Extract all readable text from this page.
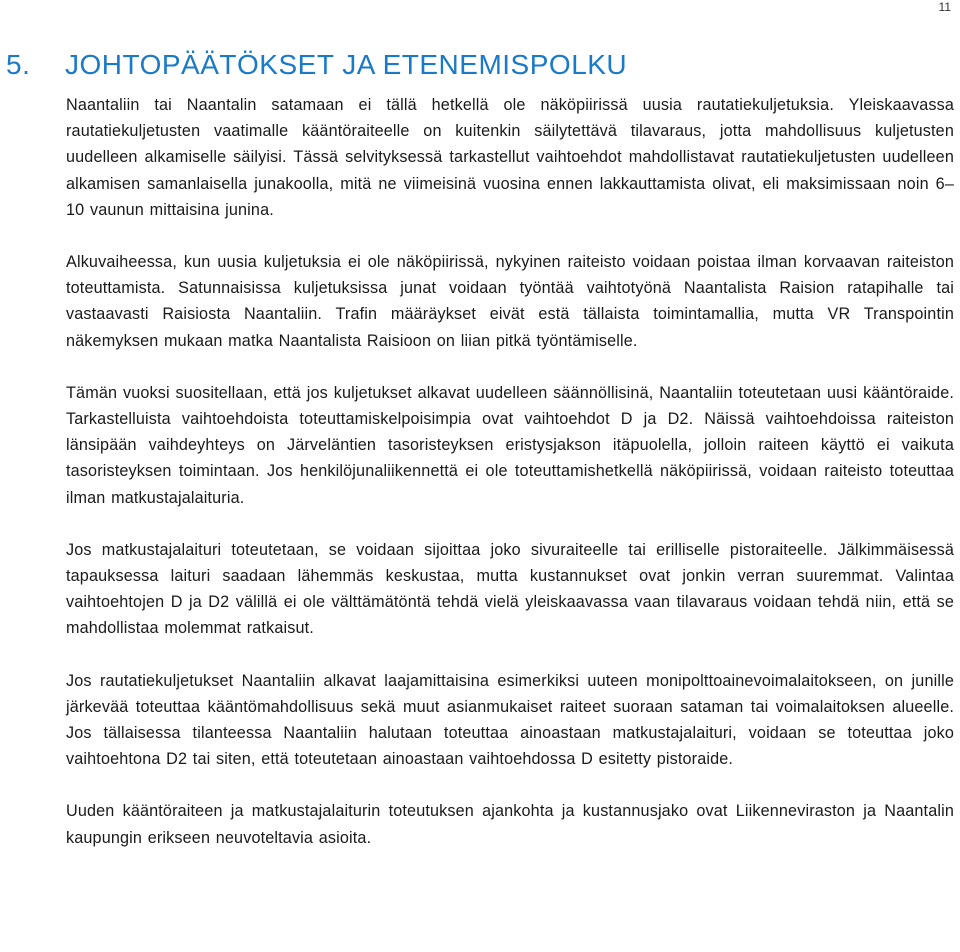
11
5. JOHTOPÄÄTÖKSET JA ETENEMISPOLKU

Naantaliin tai Naantalin satamaan ei tällä hetkellä ole näköpiirissä uusia rautatiekuljetuksia. Yleiskaavassa rautatiekuljetusten vaatimalle kääntöraiteelle on kuitenkin säilytettävä tilavaraus, jotta mahdollisuus kuljetusten uudelleen alkamiselle säilyisi. Tässä selvityksessä tarkastellut vaihtoehdot mahdollistavat rautatiekuljetusten uudelleen alkamisen samanlaisella junakoolla, mitä ne viimeisinä vuosina ennen lakkauttamista olivat, eli maksimissaan noin 6–10 vaunun mittaisina junina.

Alkuvaiheessa, kun uusia kuljetuksia ei ole näköpiirissä, nykyinen raiteisto voidaan poistaa ilman korvaavan raiteiston toteuttamista. Satunnaisissa kuljetuksissa junat voidaan työntää vaihtotyönä Naantalista Raision ratapihalle tai vastaavasti Raisiosta Naantaliin. Trafin määräykset eivät estä tällaista toimintamallia, mutta VR Transpointin näkemyksen mukaan matka Naantalista Raisioon on liian pitkä työntämiselle.

Tämän vuoksi suositellaan, että jos kuljetukset alkavat uudelleen säännöllisinä, Naantaliin toteutetaan uusi kääntöraide. Tarkastelluista vaihtoehdoista toteuttamiskelpoisimpia ovat vaihtoehdot D ja D2. Näissä vaihtoehdoissa raiteiston länsipään vaihdeyhteys on Järveläntien tasoristeyksen eristysjakson itäpuolella, jolloin raiteen käyttö ei vaikuta tasoristeyksen toimintaan. Jos henkilöjunaliikennettä ei ole toteuttamishetkellä näköpiirissä, voidaan raiteisto toteuttaa ilman matkustajalaituria.

Jos matkustajalaituri toteutetaan, se voidaan sijoittaa joko sivuraiteelle tai erilliselle pistoraiteelle. Jälkimmäisessä tapauksessa laituri saadaan lähemmäs keskustaa, mutta kustannukset ovat jonkin verran suuremmat. Valintaa vaihtoehtojen D ja D2 välillä ei ole välttämätöntä tehdä vielä yleiskaavassa vaan tilavaraus voidaan tehdä niin, että se mahdollistaa molemmat ratkaisut.

Jos rautatiekuljetukset Naantaliin alkavat laajamittaisina esimerkiksi uuteen monipolttoainevoimalaitokseen, on junille järkevää toteuttaa kääntömahdollisuus sekä muut asianmukaiset raiteet suoraan sataman tai voimalaitoksen alueelle. Jos tällaisessa tilanteessa Naantaliin halutaan toteuttaa ainoastaan matkustajalaituri, voidaan se toteuttaa joko vaihtoehtona D2 tai siten, että toteutetaan ainoastaan vaihtoehdossa D esitetty pistoraide.

Uuden kääntöraiteen ja matkustajalaiturin toteutuksen ajankohta ja kustannusjako ovat Liikenneviraston ja Naantalin kaupungin erikseen neuvoteltavia asioita.
